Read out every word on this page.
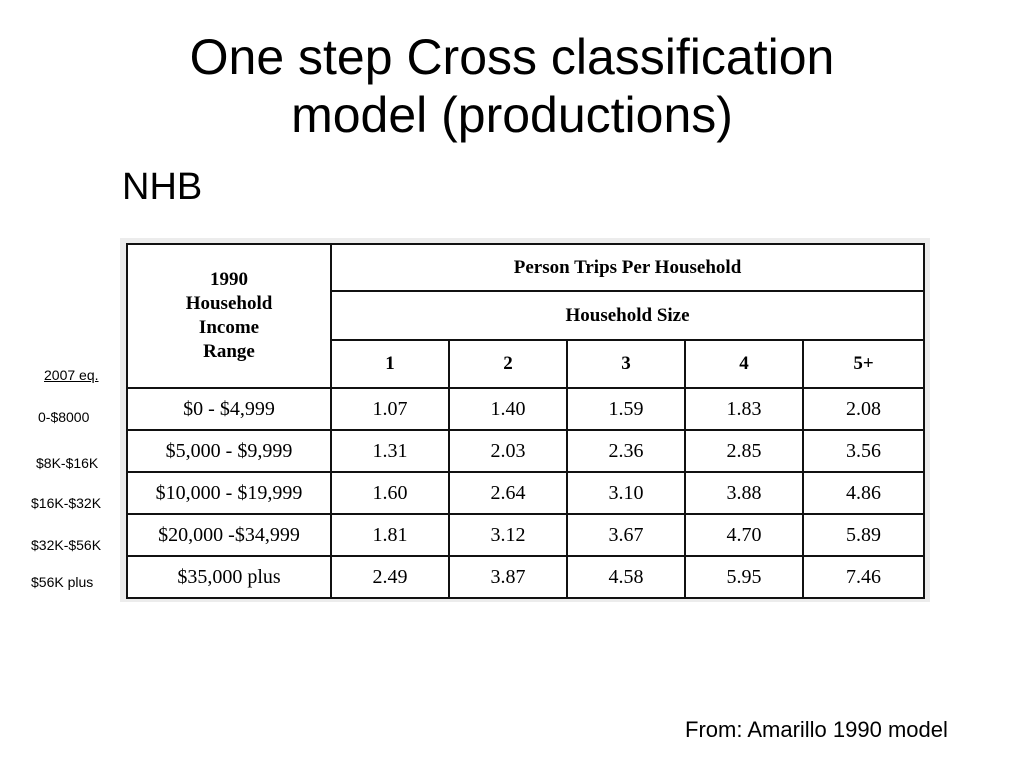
One step Cross classification
model (productions)
NHB
2007 eq.
0-$8000
$8K-$16K
$16K-$32K
$32K-$56K
$56K plus
1990
Household
Income
Range	Person Trips Per Household				
	Household Size				
	1	2	3	4	5+
$0 - $4,999	1.07	1.40	1.59	1.83	2.08
$5,000 - $9,999	1.31	2.03	2.36	2.85	3.56
$10,000 - $19,999	1.60	2.64	3.10	3.88	4.86
$20,000 -$34,999	1.81	3.12	3.67	4.70	5.89
$35,000 plus	2.49	3.87	4.58	5.95	7.46
From: Amarillo 1990 model
